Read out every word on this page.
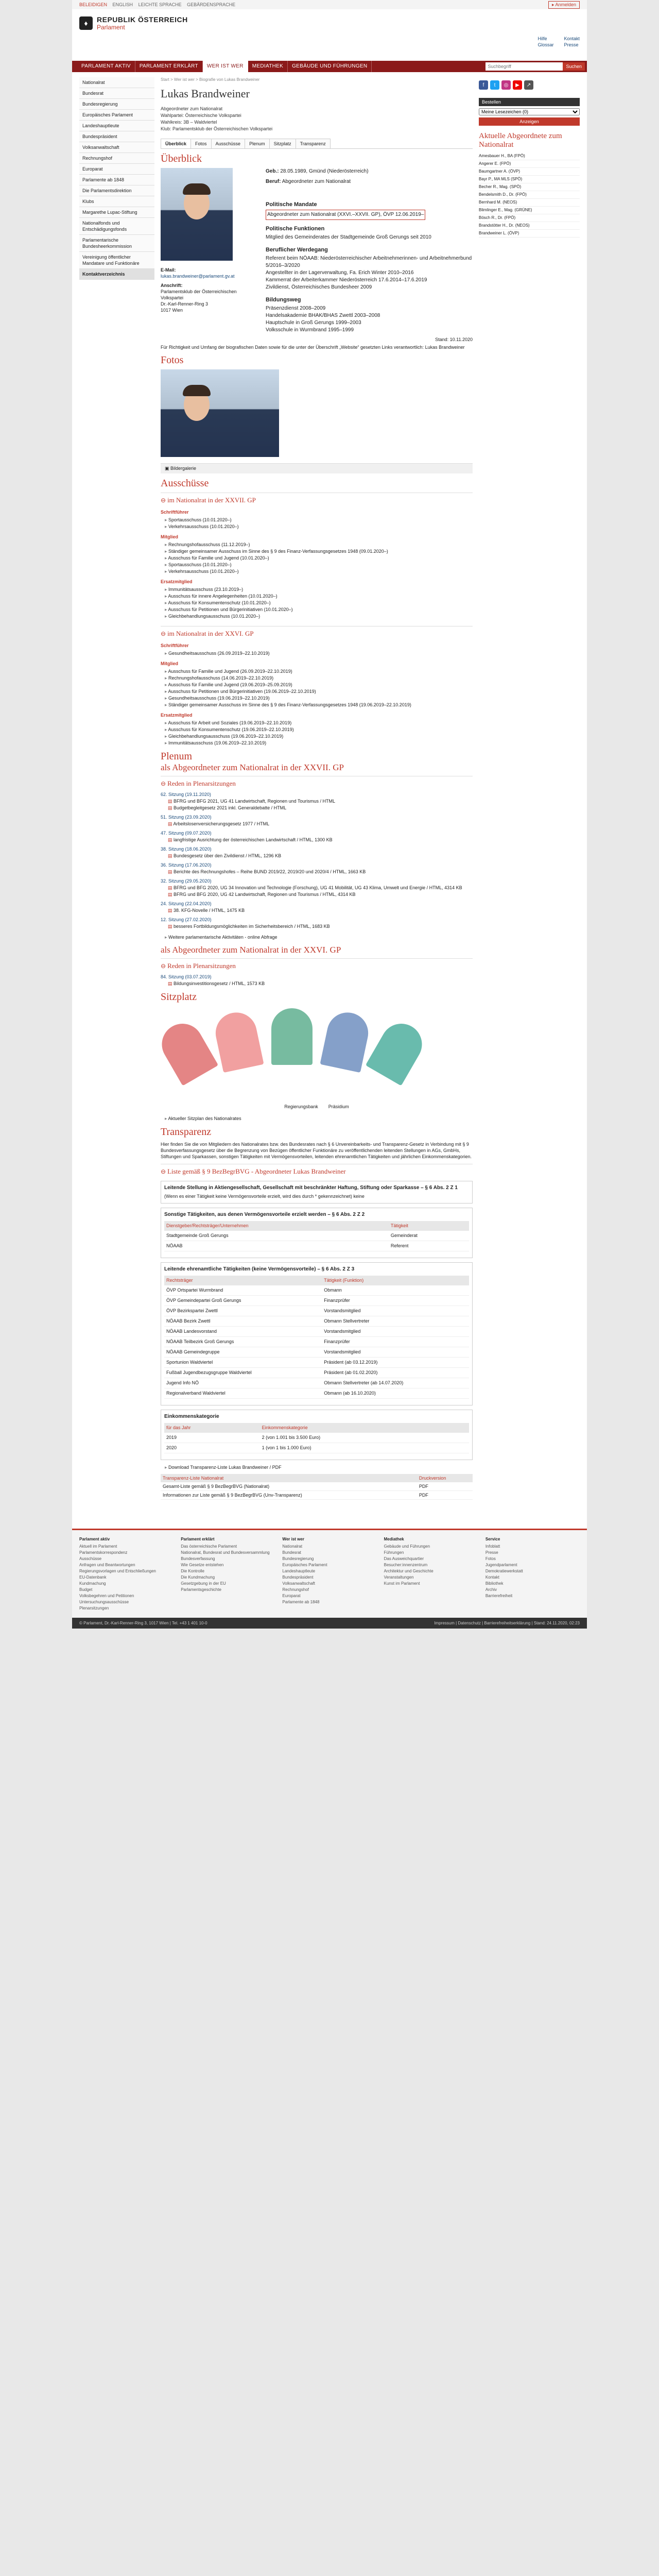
BELEIDIGEN ENGLISH LEICHTE SPRACHE GEBÄRDENSPRACHE	▸ Anmelden
♦	REPUBLIK ÖSTERREICH
Parlament
Hilfe
Glossar
Kontakt
Presse
PARLAMENT AKTIV	PARLAMENT ERKLÄRT	WER IST WER	MEDIATHEK	GEBÄUDE UND FÜHRUNGEN
SUCHBEGRIFF	Suchen
Nationalrat
Bundesrat
Bundesregierung
Europäisches Parlament
Landeshauptleute
Bundespräsident
Volksanwaltschaft
Rechnungshof
Europarat
Parlamente ab 1848
Die Parlamentsdirektion
Klubs
Margarethe Lupac-Stiftung
Nationalfonds und Entschädigungsfonds
Parlamentarische Bundesheerkommission
Vereinigung öffentlicher Mandatare und Funktionäre
Kontaktverzeichnis
Start > Wer ist wer > Biografie von Lukas Brandweiner
Lukas Brandweiner
Abgeordneter zum Nationalrat
Wahlpartei: Österreichische Volkspartei
Wahlkreis: 3B – Waldviertel
Klub: Parlamentsklub der Österreichischen Volkspartei
Überblick	Fotos	Ausschüsse	Plenum	Sitzplatz	Transparenz
Überblick
E-Mail:
lukas.brandweiner@parlament.gv.at
Anschrift:
Parlamentsklub der Österreichischen Volkspartei
Dr.-Karl-Renner-Ring 3
1017 Wien
Geb.: 28.05.1989, Gmünd (Niederösterreich)
Beruf: Abgeordneter zum Nationalrat
Politische Mandate
Abgeordneter zum Nationalrat (XXVI.–XXVII. GP), ÖVP 12.06.2019–
Politische Funktionen
Mitglied des Gemeinderates der Stadtgemeinde Groß Gerungs seit 2010
Beruflicher Werdegang
Referent beim NÖAAB: Niederösterreichischer Arbeitnehmerinnen- und Arbeitnehmerbund 5/2016–3/2020
Angestellter in der Lagerverwaltung, Fa. Erich Winter 2010–2016
Kammerrat der Arbeiterkammer Niederösterreich 17.6.2014–17.6.2019
Zivildienst, Österreichisches Bundesheer 2009
Bildungsweg
Präsenzdienst 2008–2009
Handelsakademie BHAK/BHAS Zwettl 2003–2008
Hauptschule in Groß Gerungs 1999–2003
Volksschule in Wurmbrand 1995–1999
Stand: 10.11.2020
Für Richtigkeit und Umfang der biografischen Daten sowie für die unter der Überschrift „Website“ gesetzten Links verantwortlich: Lukas Brandweiner
Fotos
▣ Bildergalerie
Ausschüsse
⊖ im Nationalrat in der XXVII. GP
Schriftführer
▸ Sportausschuss (10.01.2020–)
▸ Verkehrsausschuss (10.01.2020–)
Mitglied
▸ Rechnungshofausschuss (11.12.2019–)
▸ Ständiger gemeinsamer Ausschuss im Sinne des § 9 des Finanz-Verfassungsgesetzes 1948 (09.01.2020–)
▸ Ausschuss für Familie und Jugend (10.01.2020–)
▸ Sportausschuss (10.01.2020–)
▸ Verkehrsausschuss (10.01.2020–)
Ersatzmitglied
▸ Immunitätsausschuss (23.10.2019–)
▸ Ausschuss für innere Angelegenheiten (10.01.2020–)
▸ Ausschuss für Konsumentenschutz (10.01.2020–)
▸ Ausschuss für Petitionen und Bürgerinitiativen (10.01.2020–)
▸ Gleichbehandlungsausschuss (10.01.2020–)
⊖ im Nationalrat in der XXVI. GP
Schriftführer
▸ Gesundheitsausschuss (26.09.2019–22.10.2019)
Mitglied
▸ Ausschuss für Familie und Jugend (26.09.2019–22.10.2019)
▸ Rechnungshofausschuss (14.06.2019–22.10.2019)
▸ Ausschuss für Familie und Jugend (19.06.2019–25.09.2019)
▸ Ausschuss für Petitionen und Bürgerinitiativen (19.06.2019–22.10.2019)
▸ Gesundheitsausschuss (19.06.2019–22.10.2019)
▸ Ständiger gemeinsamer Ausschuss im Sinne des § 9 des Finanz-Verfassungsgesetzes 1948 (19.06.2019–22.10.2019)
Ersatzmitglied
▸ Ausschuss für Arbeit und Soziales (19.06.2019–22.10.2019)
▸ Ausschuss für Konsumentenschutz (19.06.2019–22.10.2019)
▸ Gleichbehandlungsausschuss (19.06.2019–22.10.2019)
▸ Immunitätsausschuss (19.06.2019–22.10.2019)
Plenum
als Abgeordneter zum Nationalrat in der XXVII. GP
⊖ Reden in Plenarsitzungen
62. Sitzung (19.11.2020)
▤ BFRG und BFG 2021, UG 41 Landwirtschaft, Regionen und Tourismus / HTML
▤ Budgetbegleitgesetz 2021 inkl. Generaldebatte / HTML
51. Sitzung (23.09.2020)
▤ Arbeitslosenversicherungsgesetz 1977 / HTML
47. Sitzung (09.07.2020)
▤ langfristige Ausrichtung der österreichischen Landwirtschaft / HTML, 1300 KB
38. Sitzung (18.06.2020)
▤ Bundesgesetz über den Zivildienst / HTML, 1296 KB
36. Sitzung (17.06.2020)
▤ Berichte des Rechnungshofes – Reihe BUND 2019/22, 2019/20 und 2020/4 / HTML, 1663 KB
32. Sitzung (29.05.2020)
▤ BFRG und BFG 2020, UG 34 Innovation und Technologie (Forschung), UG 41 Mobilität, UG 43 Klima, Umwelt und Energie / HTML, 4314 KB
▤ BFRG und BFG 2020, UG 42 Landwirtschaft, Regionen und Tourismus / HTML, 4314 KB
24. Sitzung (22.04.2020)
▤ 38. KFG-Novelle / HTML, 1475 KB
12. Sitzung (27.02.2020)
▤ besseres Fortbildungsmöglichkeiten im Sicherheitsbereich / HTML, 1683 KB
▸ Weitere parlamentarische Aktivitäten - online Abfrage
als Abgeordneter zum Nationalrat in der XXVI. GP
⊖ Reden in Plenarsitzungen
84. Sitzung (03.07.2019)
▤ Bildungsinvestitionsgesetz / HTML, 1573 KB
Sitzplatz
Regierungsbank Präsidium
▸ Aktueller Sitzplan des Nationalrates
Transparenz
Hier finden Sie die von Mitgliedern des Nationalrates bzw. des Bundesrates nach § 6 Unvereinbarkeits- und Transparenz-Gesetz in Verbindung mit § 9 Bundesverfassungsgesetz über die Begrenzung von Bezügen öffentlicher Funktionäre zu veröffentlichenden leitenden Stellungen in AGs, GmbHs, Stiftungen und Sparkassen, sonstigen Tätigkeiten mit Vermögensvorteilen, leitenden ehrenamtlichen Tätigkeiten und jährlichen Einkommenskategorien.
⊖ Liste gemäß § 9 BezBegrBVG - Abgeordneter Lukas Brandweiner
Leitende Stellung in Aktiengesellschaft, Gesellschaft mit beschränkter Haftung, Stiftung oder Sparkasse – § 6 Abs. 2 Z 1
(Wenn es einer Tätigkeit keine Vermögensvorteile erzielt, wird dies durch * gekennzeichnet) keine
Sonstige Tätigkeiten, aus denen Vermögensvorteile erzielt werden – § 6 Abs. 2 Z 2
Dienstgeber/Rechtsträger/Unternehmen	Tätigkeit
Stadtgemeinde Groß Gerungs	Gemeinderat
NÖAAB	Referent
Leitende ehrenamtliche Tätigkeiten (keine Vermögensvorteile) – § 6 Abs. 2 Z 3
Rechtsträger	Tätigkeit (Funktion)
ÖVP Ortspartei Wurmbrand	Obmann
ÖVP Gemeindepartei Groß Gerungs	Finanzprüfer
ÖVP Bezirkspartei Zwettl	Vorstandsmitglied
NÖAAB Bezirk Zwettl	Obmann Stellvertreter
NÖAAB Landesvorstand	Vorstandsmitglied
NÖAAB Teilbezirk Groß Gerungs	Finanzprüfer
NÖAAB Gemeindegruppe	Vorstandsmitglied
Sportunion Waldviertel	Präsident (ab 03.12.2019)
Fußball Jugendbezugsgruppe Waldviertel	Präsident (ab 01.02.2020)
Jugend Info NÖ	Obmann Stellvertreter (ab 14.07.2020)
Regionalverband Waldviertel	Obmann (ab 16.10.2020)
Einkommenskategorie
für das Jahr	Einkommenskategorie
2019	2 (von 1.001 bis 3.500 Euro)
2020	1 (von 1 bis 1.000 Euro)
▸ Download Transparenz-Liste Lukas Brandweiner / PDF
Transparenz-Liste Nationalrat	Druckversion
Gesamt-Liste gemäß § 9 BezBegrBVG (Nationalrat)	PDF
Informationen zur Liste gemäß § 9 BezBegrBVG (Unv-Transparenz)	PDF
f	t	◎	▶	↗
Bestellen
Meine Lesezeichen (0) Anzeigen
Aktuelle Abgeordnete zum Nationalrat
Amesbauer H., BA (FPÖ)
Angerer E. (FPÖ)
Baumgartner A. (ÖVP)
Bayr P., MA MLS (SPÖ)
Becher R., Mag. (SPÖ)
Bendelsmith D., Dr. (FPÖ)
Bernhard M. (NEOS)
Blimlinger E., Mag. (GRÜNE)
Bösch R., Dr. (FPÖ)
Brandstötter H., Dr. (NEOS)
Brandweiner L. (ÖVP)
Parlament aktiv
Aktuell im Parlament
Parlamentskorrespondenz
Ausschüsse
Anfragen und Beantwortungen
Regierungsvorlagen und Entschließungen
EU-Datenbank
Kundmachung
Budget
Volksbegehren und Petitionen
Untersuchungsausschüsse
Plenarsitzungen

Parlament erklärt
Das österreichische Parlament
Nationalrat, Bundesrat und Bundesversammlung
Bundesverfassung
Wie Gesetze entstehen
Die Kontrolle
Die Kundmachung
Gesetzgebung in der EU
Parlamentsgeschichte

Wer ist wer
Nationalrat
Bundesrat
Bundesregierung
Europäisches Parlament
Landeshauptleute
Bundespräsident
Volksanwaltschaft
Rechnungshof
Europarat
Parlamente ab 1848

Mediathek
Gebäude und Führungen
Führungen
Das Ausweichquartier
Besucher:innenzentrum
Architektur und Geschichte
Veranstaltungen
Kunst im Parlament

Service
Infoblatt
Presse
Fotos
Jugendparlament
Demokratiewerkstatt
Kontakt
Bibliothek
Archiv
Barrierefreiheit

© Parlament, Dr.-Karl-Renner-Ring 3, 1017 Wien | Tel. +43 1 401 10-0	Impressum | Datenschutz | Barrierefreiheitserklärung | Stand: 24.11.2020, 02:23
